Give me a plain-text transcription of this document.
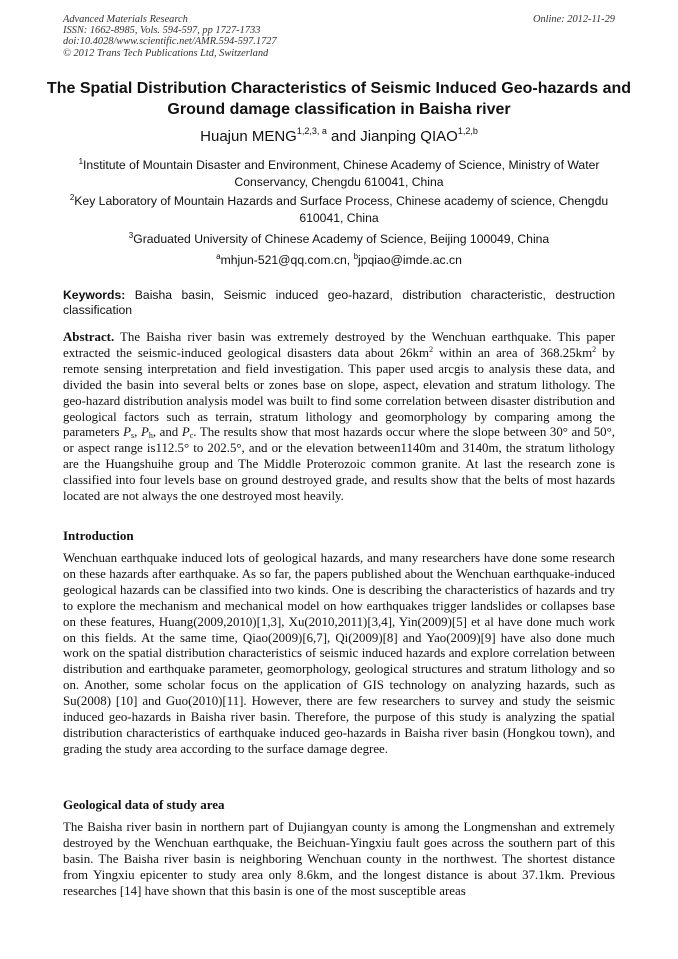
Advanced Materials Research
ISSN: 1662-8985, Vols. 594-597, pp 1727-1733
doi:10.4028/www.scientific.net/AMR.594-597.1727
© 2012 Trans Tech Publications Ltd, Switzerland
Online: 2012-11-29
The Spatial Distribution Characteristics of Seismic Induced Geo-hazards and Ground damage classification in Baisha river
Huajun MENG$^{1,2,3, a}$ and Jianping QIAO$^{1,2,b}$
$^1$Institute of Mountain Disaster and Environment, Chinese Academy of Science, Ministry of Water Conservancy, Chengdu 610041, China
$^2$Key Laboratory of Mountain Hazards and Surface Process, Chinese academy of science, Chengdu 610041, China
$^3$Graduated University of Chinese Academy of Science, Beijing 100049, China
$^a$mhjun-521@qq.com.cn, $^b$jpqiao@imde.ac.cn
Keywords: Baisha basin, Seismic induced geo-hazard, distribution characteristic, destruction classification
Abstract. The Baisha river basin was extremely destroyed by the Wenchuan earthquake. This paper extracted the seismic-induced geological disasters data about $26km^2$ within an area of $368.25km^2$ by remote sensing interpretation and field investigation. This paper used arcgis to analysis these data, and divided the basin into several belts or zones base on slope, aspect, elevation and stratum lithology. The geo-hazard distribution analysis model was built to find some correlation between disaster distribution and geological factors such as terrain, stratum lithology and geomorphology by comparing among the parameters $P_s$, $P_h$, and $P_c$. The results show that most hazards occur where the slope between 30° and 50°, or aspect range is112.5° to 202.5°, and or the elevation between1140m and 3140m, the stratum lithology are the Huangshuihe group and The Middle Proterozoic common granite. At last the research zone is classified into four levels base on ground destroyed grade, and results show that the belts of most hazards located are not always the one destroyed most heavily.
Introduction
Wenchuan earthquake induced lots of geological hazards, and many researchers have done some research on these hazards after earthquake. As so far, the papers published about the Wenchuan earthquake-induced geological hazards can be classified into two kinds. One is describing the characteristics of hazards and try to explore the mechanism and mechanical model on how earthquakes trigger landslides or collapses base on these features, Huang(2009,2010)[1,3], Xu(2010,2011)[3,4], Yin(2009)[5] et al have done much work on this fields. At the same time, Qiao(2009)[6,7], Qi(2009)[8] and Yao(2009)[9] have also done much work on the spatial distribution characteristics of seismic induced hazards and explore correlation between distribution and earthquake parameter, geomorphology, geological structures and stratum lithology and so on. Another, some scholar focus on the application of GIS technology on analyzing hazards, such as Su(2008) [10] and Guo(2010)[11]. However, there are few researchers to survey and study the seismic induced geo-hazards in Baisha river basin. Therefore, the purpose of this study is analyzing the spatial distribution characteristics of earthquake induced geo-hazards in Baisha river basin (Hongkou town), and grading the study area according to the surface damage degree.
Geological data of study area
The Baisha river basin in northern part of Dujiangyan county is among the Longmenshan and extremely destroyed by the Wenchuan earthquake, the Beichuan-Yingxiu fault goes across the southern part of this basin. The Baisha river basin is neighboring Wenchuan county in the northwest. The shortest distance from Yingxiu epicenter to study area only 8.6km, and the longest distance is about 37.1km. Previous researches [14] have shown that this basin is one of the most susceptible areas
